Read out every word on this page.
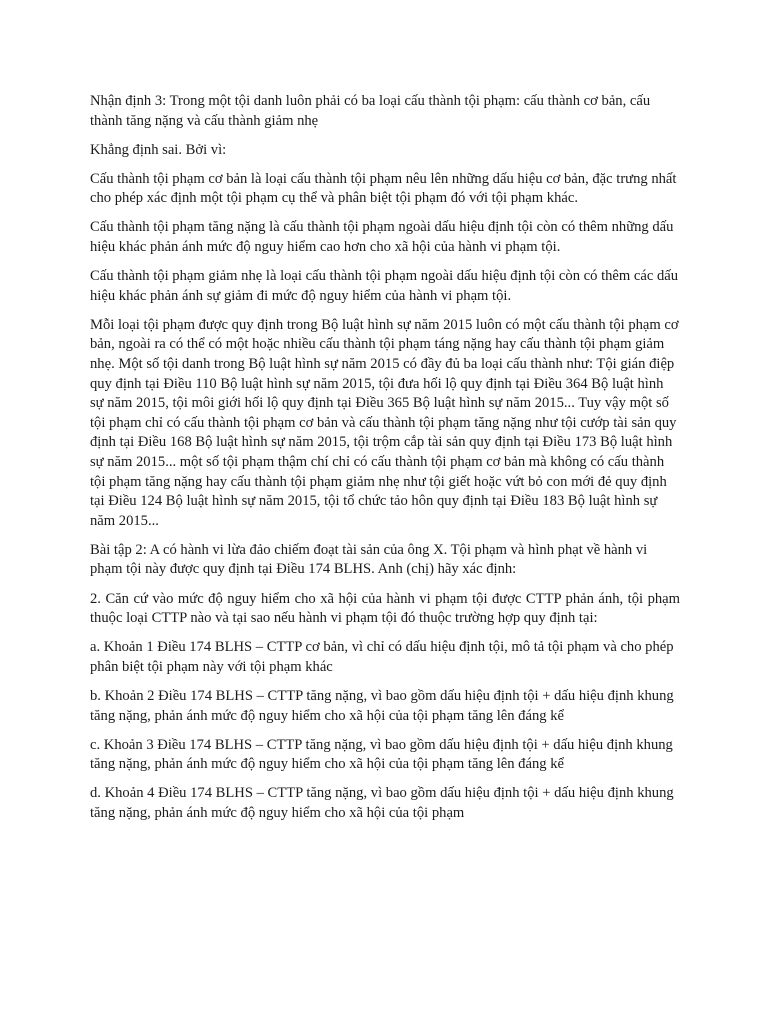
Nhận định 3: Trong một tội danh luôn phải có ba loại cấu thành tội phạm: cấu thành cơ bản, cấu thành tăng nặng và cấu thành giảm nhẹ

Khẳng định sai. Bởi vì:

Cấu thành tội phạm cơ bản là loại cấu thành tội phạm nêu lên những dấu hiệu cơ bản, đặc trưng nhất cho phép xác định một tội phạm cụ thể và phân biệt tội phạm đó với tội phạm khác.

Cấu thành tội phạm tăng nặng là cấu thành tội phạm ngoài dấu hiệu định tội còn có thêm những dấu hiệu khác phản ánh mức độ nguy hiểm cao hơn cho xã hội của hành vi phạm tội.

Cấu thành tội phạm giảm nhẹ là loại cấu thành tội phạm ngoài dấu hiệu định tội còn có thêm các dấu hiệu khác phản ánh sự giảm đi mức độ nguy hiểm của hành vi phạm tội.

Mỗi loại tội phạm được quy định trong Bộ luật hình sự năm 2015 luôn có một cấu thành tội phạm cơ bản, ngoài ra có thể có một hoặc nhiều cấu thành tội phạm táng nặng hay cấu thành tội phạm giảm nhẹ. Một số tội danh trong Bộ luật hình sự năm 2015 có đầy đủ ba loại cấu thành như: Tội gián điệp quy định tại Điều 110 Bộ luật hình sự năm 2015, tội đưa hối lộ quy định tại Điều 364 Bộ luật hình sự năm 2015, tội môi giới hối lộ quy định tại Điều 365 Bộ luật hình sự năm 2015... Tuy vậy một số tội phạm chỉ có cấu thành tội phạm cơ bản và cấu thành tội phạm tăng nặng như tội cướp tài sản quy định tại Điều 168 Bộ luật hình sự năm 2015, tội trộm cắp tài sản quy định tại Điều 173 Bộ luật hình sự năm 2015... một số tội phạm thậm chí chỉ có cấu thành tội phạm cơ bản mà không có cấu thành tội phạm tăng nặng hay cấu thành tội phạm giảm nhẹ như tội giết hoặc vứt bỏ con mới đẻ quy định tại Điều 124 Bộ luật hình sự năm 2015, tội tổ chức tảo hôn quy định tại Điều 183 Bộ luật hình sự năm 2015...

Bài tập 2: A có hành vi lừa đảo chiếm đoạt tài sản của ông X. Tội phạm và hình phạt về hành vi phạm tội này được quy định tại Điều 174 BLHS. Anh (chị) hãy xác định:

2. Căn cứ vào mức độ nguy hiểm cho xã hội của hành vi phạm tội được CTTP phản ánh, tội phạm thuộc loại CTTP nào và tại sao nếu hành vi phạm tội đó thuộc trường hợp quy định tại:

a. Khoản 1 Điều 174 BLHS – CTTP cơ bản, vì chỉ có dấu hiệu định tội, mô tả tội phạm và cho phép phân biệt tội phạm này với tội phạm khác

b. Khoản 2 Điều 174 BLHS – CTTP tăng nặng, vì bao gồm dấu hiệu định tội + dấu hiệu định khung tăng nặng, phản ánh mức độ nguy hiểm cho xã hội của tội phạm tăng lên đáng kể

c. Khoản 3 Điều 174 BLHS – CTTP tăng nặng, vì bao gồm dấu hiệu định tội + dấu hiệu định khung tăng nặng, phản ánh mức độ nguy hiểm cho xã hội của tội phạm tăng lên đáng kể

d. Khoản 4 Điều 174 BLHS – CTTP tăng nặng, vì bao gồm dấu hiệu định tội + dấu hiệu định khung tăng nặng, phản ánh mức độ nguy hiểm cho xã hội của tội phạm
